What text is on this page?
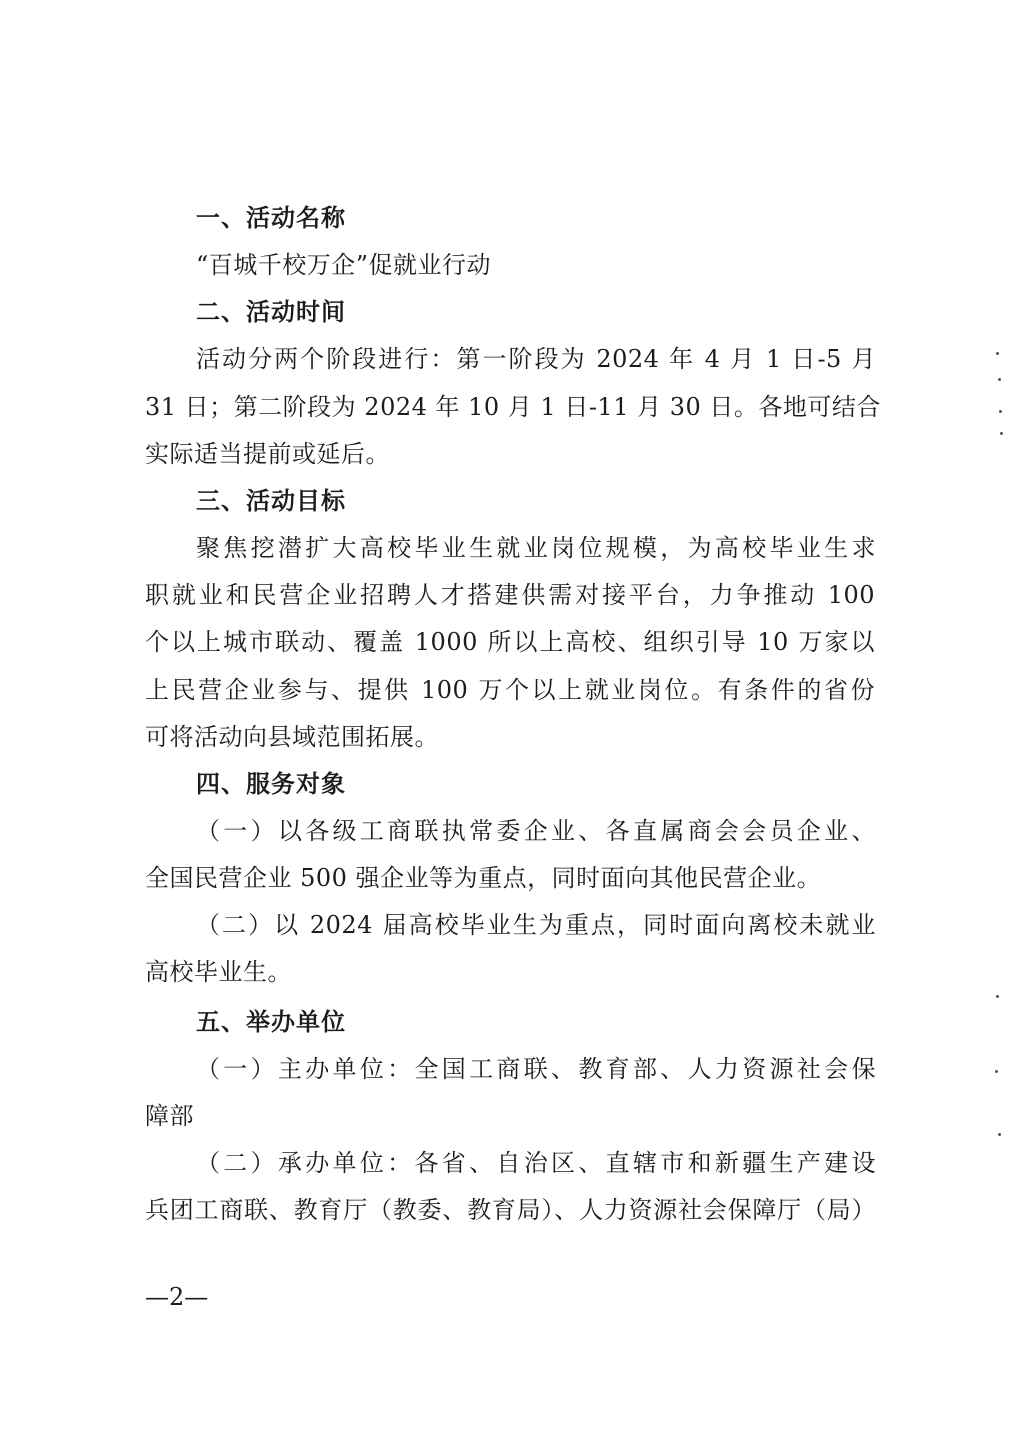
一、活动名称
“百城千校万企”促就业行动
二、活动时间
活动分两个阶段进行：第一阶段为 2024 年 4 月 1 日-5 月
31 日；第二阶段为 2024 年 10 月 1 日-11 月 30 日。各地可结合
实际适当提前或延后。
三、活动目标
聚焦挖潜扩大高校毕业生就业岗位规模，为高校毕业生求
职就业和民营企业招聘人才搭建供需对接平台，力争推动 100
个以上城市联动、覆盖 1000 所以上高校、组织引导 10 万家以
上民营企业参与、提供 100 万个以上就业岗位。有条件的省份
可将活动向县域范围拓展。
四、服务对象
（一）以各级工商联执常委企业、各直属商会会员企业、
全国民营企业 500 强企业等为重点，同时面向其他民营企业。
（二）以 2024 届高校毕业生为重点，同时面向离校未就业
高校毕业生。
五、举办单位
（一）主办单位：全国工商联、教育部、人力资源社会保
障部
（二）承办单位：各省、自治区、直辖市和新疆生产建设
兵团工商联、教育厅（教委、教育局）、人力资源社会保障厅（局）
—2—
